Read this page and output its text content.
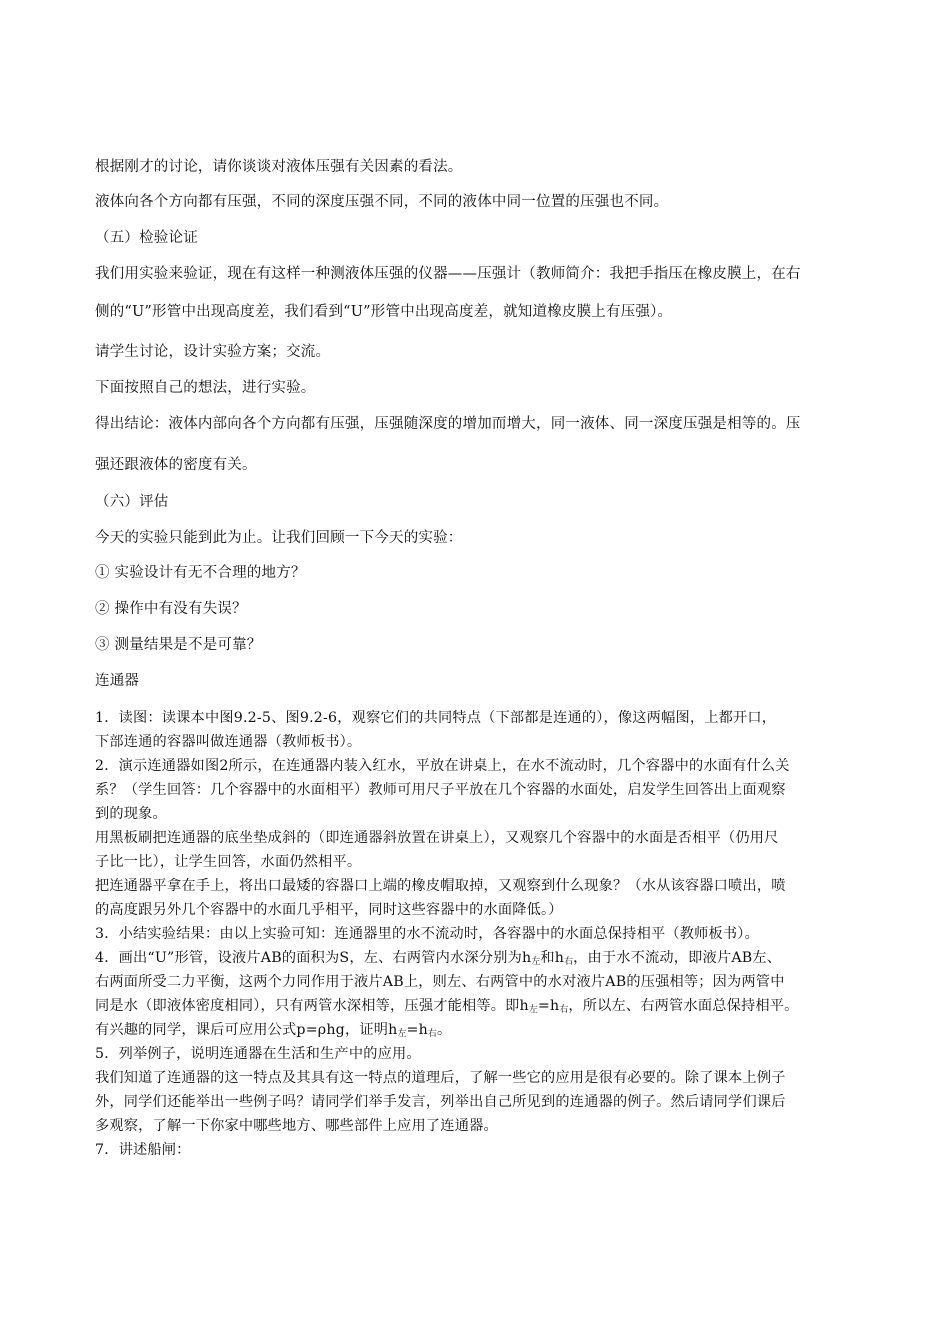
根据刚才的讨论，请你谈谈对液体压强有关因素的看法。
液体向各个方向都有压强，不同的深度压强不同，不同的液体中同一位置的压强也不同。
（五）检验论证
我们用实验来验证，现在有这样一种测液体压强的仪器——压强计（教师简介：我把手指压在橡皮膜上，在右
侧的“U”形管中出现高度差，我们看到“U”形管中出现高度差，就知道橡皮膜上有压强）。
请学生讨论，设计实验方案；交流。
下面按照自己的想法，进行实验。
得出结论：液体内部向各个方向都有压强，压强随深度的增加而增大，同一液体、同一深度压强是相等的。压
强还跟液体的密度有关。
（六）评估
今天的实验只能到此为止。让我们回顾一下今天的实验：
① 实验设计有无不合理的地方？
② 操作中有没有失误？
③ 测量结果是不是可靠？
连通器
1．读图：读课本中图9.2-5、图9.2-6，观察它们的共同特点（下部都是连通的），像这两幅图，上都开口，
下部连通的容器叫做连通器（教师板书）。
2．演示连通器如图2所示，在连通器内装入红水，平放在讲桌上，在水不流动时，几个容器中的水面有什么关
系？（学生回答：几个容器中的水面相平）教师可用尺子平放在几个容器的水面处，启发学生回答出上面观察
到的现象。
用黑板刷把连通器的底坐垫成斜的（即连通器斜放置在讲桌上），又观察几个容器中的水面是否相平（仍用尺
子比一比），让学生回答，水面仍然相平。
把连通器平拿在手上，将出口最矮的容器口上端的橡皮帽取掉，又观察到什么现象？（水从该容器口喷出，喷
的高度跟另外几个容器中的水面几乎相平，同时这些容器中的水面降低。）
3．小结实验结果：由以上实验可知：连通器里的水不流动时，各容器中的水面总保持相平（教师板书）。
4．画出“U”形管，设液片AB的面积为S，左、右两管内水深分别为$h_左$和$h_右$，由于水不流动，即液片AB左、
右两面所受二力平衡，这两个力同作用于液片AB上，则左、右两管中的水对液片AB的压强相等；因为两管中
同是水（即液体密度相同），只有两管水深相等，压强才能相等。即$h_左=h_右$，所以左、右两管水面总保持相平。
有兴趣的同学，课后可应用公式p=ρhg，证明$h_左=h_右$。
5．列举例子，说明连通器在生活和生产中的应用。
我们知道了连通器的这一特点及其具有这一特点的道理后，了解一些它的应用是很有必要的。除了课本上例子
外，同学们还能举出一些例子吗？请同学们举手发言，列举出自己所见到的连通器的例子。然后请同学们课后
多观察，了解一下你家中哪些地方、哪些部件上应用了连通器。
7．讲述船闸：
